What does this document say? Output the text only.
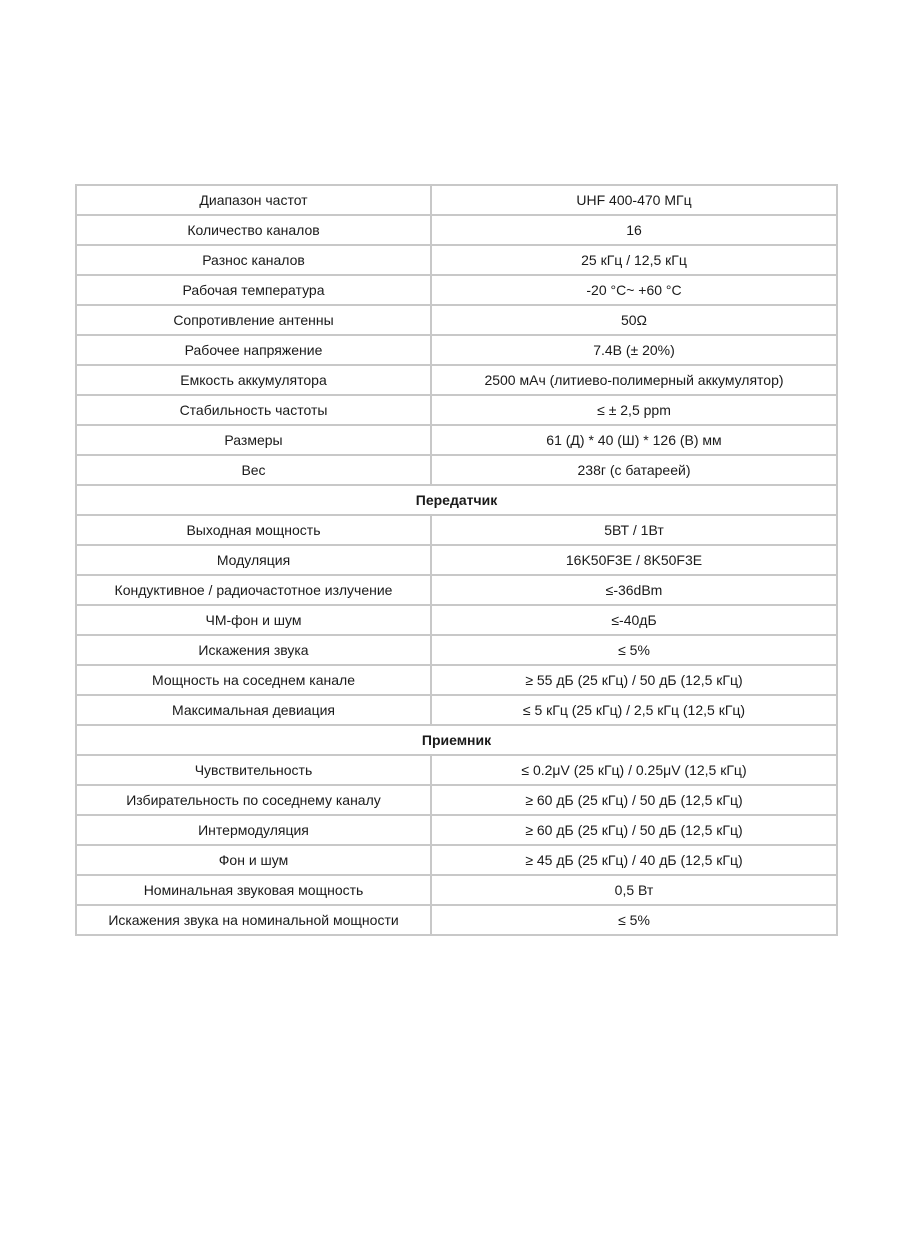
Диапазон частот	UHF 400-470 МГц
Количество каналов	16
Разнос каналов	25 кГц / 12,5 кГц
Рабочая температура	-20 °C~ +60 °C
Сопротивление антенны	50Ω
Рабочее напряжение	7.4В (± 20%)
Емкость аккумулятора	2500 мАч (литиево-полимерный аккумулятор)
Стабильность частоты	≤ ± 2,5 ppm
Размеры	61 (Д) * 40 (Ш) * 126 (В) мм
Вес	238г (с батареей)
Передатчик	
Выходная мощность	5ВТ / 1Вт
Модуляция	16K50F3E / 8K50F3E
Кондуктивное / радиочастотное излучение	≤-36dBm
ЧМ-фон и шум	≤-40дБ
Искажения звука	≤ 5%
Мощность на соседнем канале	≥ 55 дБ (25 кГц) / 50 дБ (12,5 кГц)
Максимальная девиация	≤ 5 кГц (25 кГц) / 2,5 кГц (12,5 кГц)
Приемник	
Чувствительность	≤ 0.2μV (25 кГц) / 0.25μV (12,5 кГц)
Избирательность по соседнему каналу	≥ 60 дБ (25 кГц) / 50 дБ (12,5 кГц)
Интермодуляция	≥ 60 дБ (25 кГц) / 50 дБ (12,5 кГц)
Фон и шум	≥ 45 дБ (25 кГц) / 40 дБ (12,5 кГц)
Номинальная звуковая мощность	0,5 Вт
Искажения звука на номинальной мощности	≤ 5%
